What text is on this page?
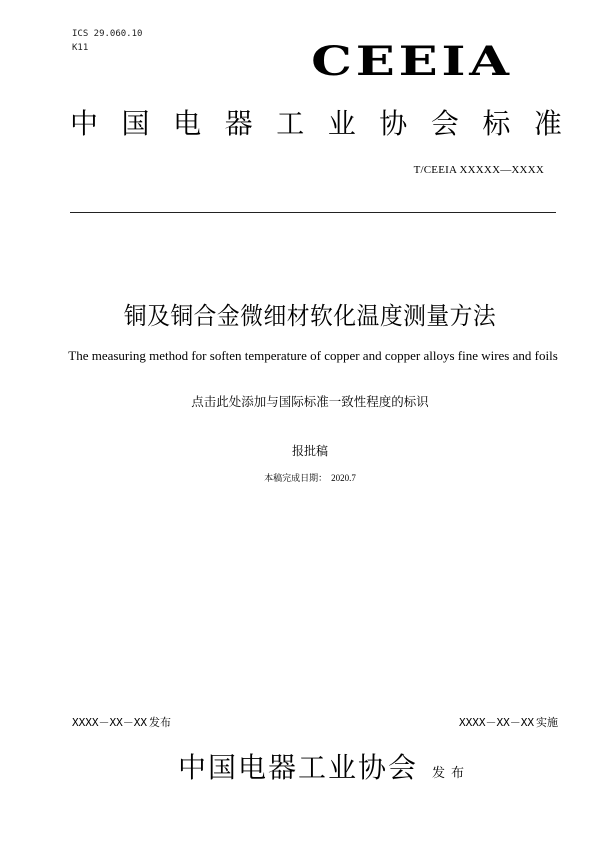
ICS 29.060.10
K11	CEEIA
中 国 电 器 工 业 协 会 标 准
T/CEEIA XXXXX—XXXX
铜及铜合金微细材软化温度测量方法
The measuring method for soften temperature of copper and copper alloys fine wires and foils
点击此处添加与国际标准一致性程度的标识
报批稿
本稿完成日期： 2020.7
XXXX－XX－XX 发布	XXXX－XX－XX 实施
中国电器工业协会 发布
